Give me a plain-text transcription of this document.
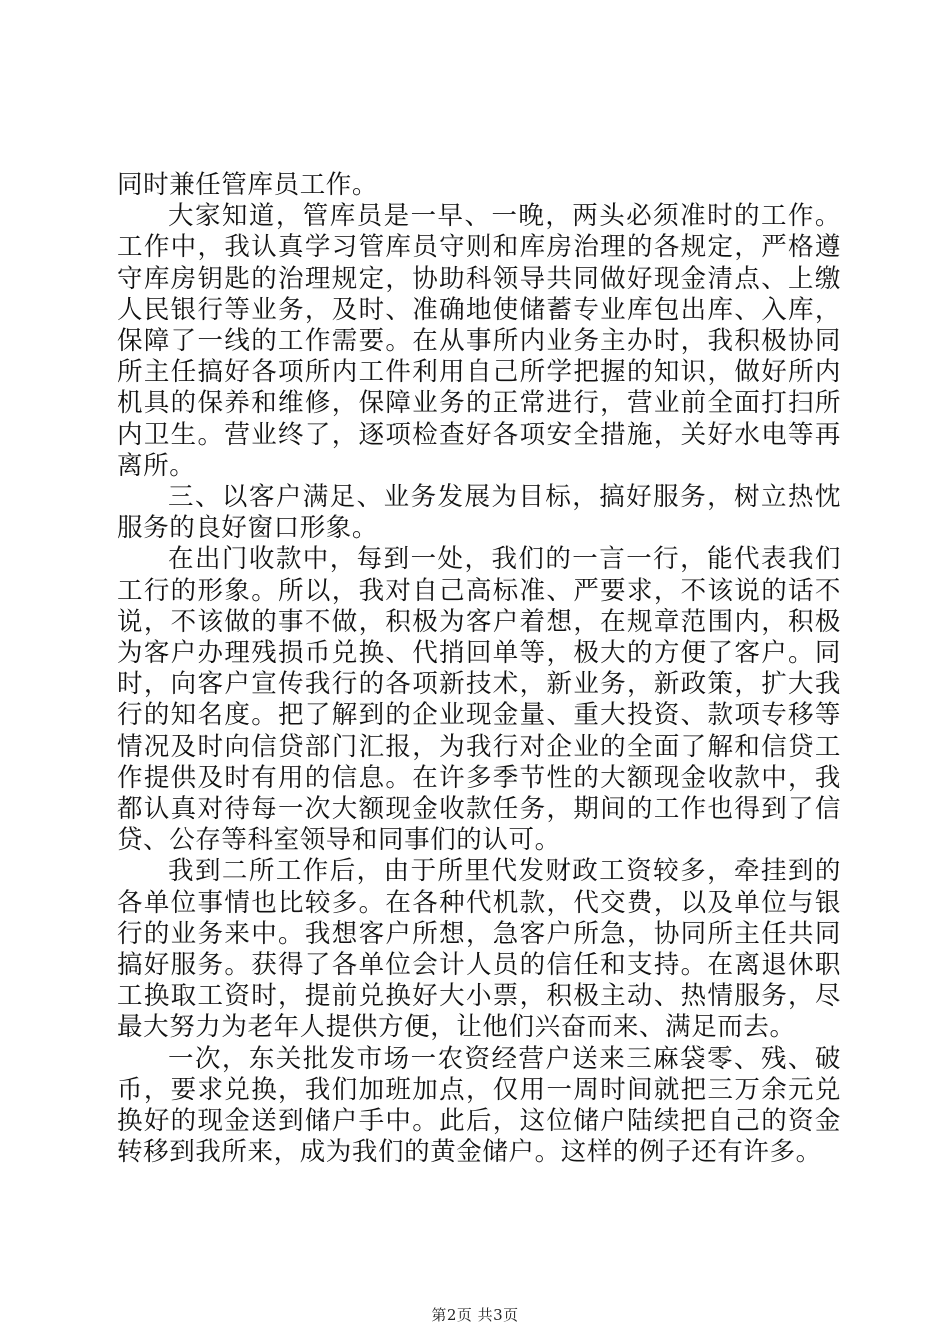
同时兼任管库员工作。

大家知道，管库员是一早、一晚，两头必须准时的工作。工作中，我认真学习管库员守则和库房治理的各规定，严格遵守库房钥匙的治理规定，协助科领导共同做好现金清点、上缴人民银行等业务，及时、准确地使储蓄专业库包出库、入库，保障了一线的工作需要。在从事所内业务主办时，我积极协同所主任搞好各项所内工件利用自己所学把握的知识，做好所内机具的保养和维修，保障业务的正常进行，营业前全面打扫所内卫生。营业终了，逐项检查好各项安全措施，关好水电等再离所。

三、以客户满足、业务发展为目标，搞好服务，树立热忱服务的良好窗口形象。

在出门收款中，每到一处，我们的一言一行，能代表我们工行的形象。所以，我对自己高标准、严要求，不该说的话不说，不该做的事不做，积极为客户着想，在规章范围内，积极为客户办理残损币兑换、代捎回单等，极大的方便了客户。同时，向客户宣传我行的各项新技术，新业务，新政策，扩大我行的知名度。把了解到的企业现金量、重大投资、款项专移等情况及时向信贷部门汇报，为我行对企业的全面了解和信贷工作提供及时有用的信息。在许多季节性的大额现金收款中，我都认真对待每一次大额现金收款任务，期间的工作也得到了信贷、公存等科室领导和同事们的认可。

我到二所工作后，由于所里代发财政工资较多，牵挂到的各单位事情也比较多。在各种代机款，代交费，以及单位与银行的业务来中。我想客户所想，急客户所急，协同所主任共同搞好服务。获得了各单位会计人员的信任和支持。在离退休职工换取工资时，提前兑换好大小票，积极主动、热情服务，尽最大努力为老年人提供方便，让他们兴奋而来、满足而去。

一次，东关批发市场一农资经营户送来三麻袋零、残、破币，要求兑换，我们加班加点，仅用一周时间就把三万余元兑换好的现金送到储户手中。此后，这位储户陆续把自己的资金转移到我所来，成为我们的黄金储户。这样的例子还有许多。

第2页 共3页
